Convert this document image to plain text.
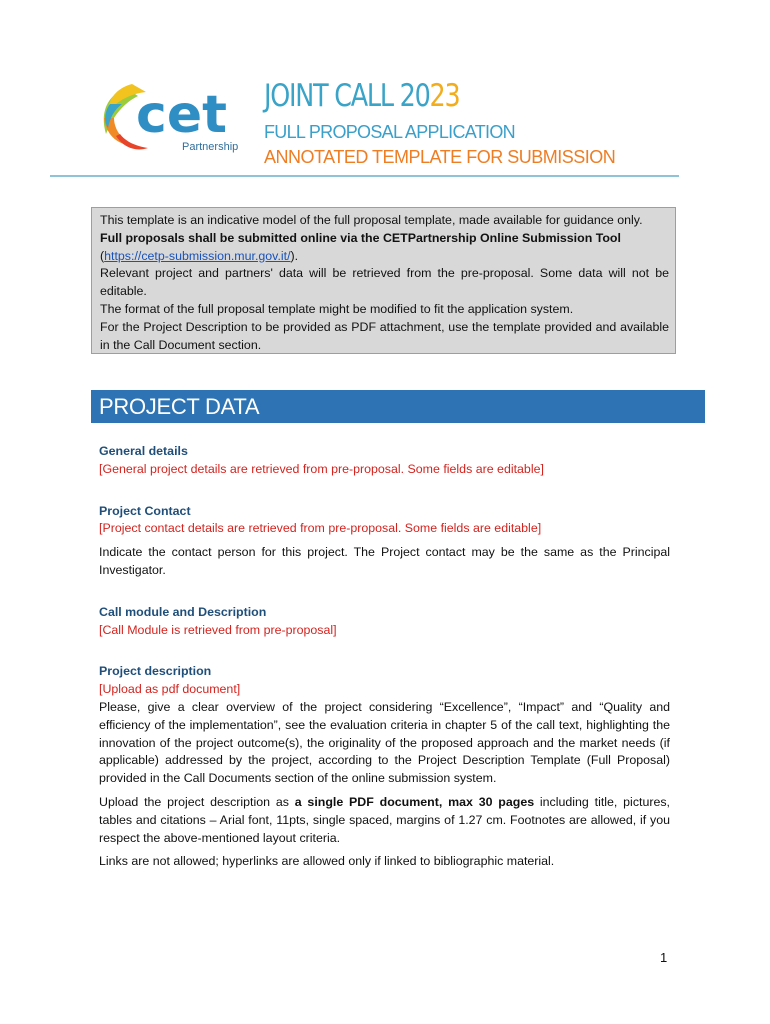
cet
Partnership
JOINT CALL 2023
FULL PROPOSAL APPLICATION
ANNOTATED TEMPLATE FOR SUBMISSION

This template is an indicative model of the full proposal template, made available for guidance only.

Full proposals shall be submitted online via the CETPartnership Online Submission Tool

(https://cetp-submission.mur.gov.it/).

Relevant project and partners' data will be retrieved from the pre-proposal. Some data will not be editable.

The format of the full proposal template might be modified to fit the application system.

For the Project Description to be provided as PDF attachment, use the template provided and available in the Call Document section.

PROJECT DATA
General details
[General project details are retrieved from pre-proposal. Some fields are editable]
Project Contact
[Project contact details are retrieved from pre-proposal. Some fields are editable]
Indicate the contact person for this project. The Project contact may be the same as the Principal Investigator.
Call module and Description
[Call Module is retrieved from pre-proposal]
Project description
[Upload as pdf document]
Please, give a clear overview of the project considering “Excellence”, “Impact” and “Quality and efficiency of the implementation”, see the evaluation criteria in chapter 5 of the call text, highlighting the innovation of the project outcome(s), the originality of the proposed approach and the market needs (if applicable) addressed by the project, according to the Project Description Template (Full Proposal) provided in the Call Documents section of the online submission system.
Upload the project description as a single PDF document, max 30 pages including title, pictures, tables and citations – Arial font, 11pts, single spaced, margins of 1.27 cm. Footnotes are allowed, if you respect the above-mentioned layout criteria.
Links are not allowed; hyperlinks are allowed only if linked to bibliographic material.
1
